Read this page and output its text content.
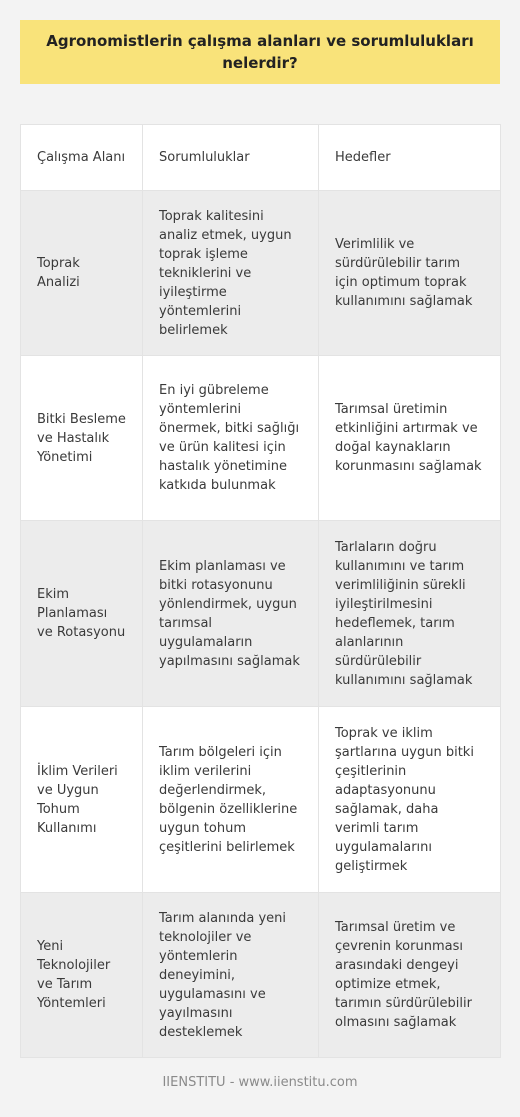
Agronomistlerin çalışma alanları ve sorumlulukları nelerdir?
Çalışma Alanı	Sorumluluklar	Hedefler
Toprak Analizi	Toprak kalitesini analiz etmek, uygun toprak işleme tekniklerini ve iyileştirme yöntemlerini belirlemek	Verimlilik ve sürdürülebilir tarım için optimum toprak kullanımını sağlamak
Bitki Besleme ve Hastalık Yönetimi	En iyi gübreleme yöntemlerini önermek, bitki sağlığı ve ürün kalitesi için hastalık yönetimine katkıda bulunmak	Tarımsal üretimin etkinliğini artırmak ve doğal kaynakların korunmasını sağlamak
Ekim Planlaması ve Rotasyonu	Ekim planlaması ve bitki rotasyonunu yönlendirmek, uygun tarımsal uygulamaların yapılmasını sağlamak	Tarlaların doğru kullanımını ve tarım verimliliğinin sürekli iyileştirilmesini hedeflemek, tarım alanlarının sürdürülebilir kullanımını sağlamak
İklim Verileri ve Uygun Tohum Kullanımı	Tarım bölgeleri için iklim verilerini değerlendirmek, bölgenin özelliklerine uygun tohum çeşitlerini belirlemek	Toprak ve iklim şartlarına uygun bitki çeşitlerinin adaptasyonunu sağlamak, daha verimli tarım uygulamalarını geliştirmek
Yeni Teknolojiler ve Tarım Yöntemleri	Tarım alanında yeni teknolojiler ve yöntemlerin deneyimini, uygulamasını ve yayılmasını desteklemek	Tarımsal üretim ve çevrenin korunması arasındaki dengeyi optimize etmek, tarımın sürdürülebilir olmasını sağlamak
IIENSTITU - www.iienstitu.com
